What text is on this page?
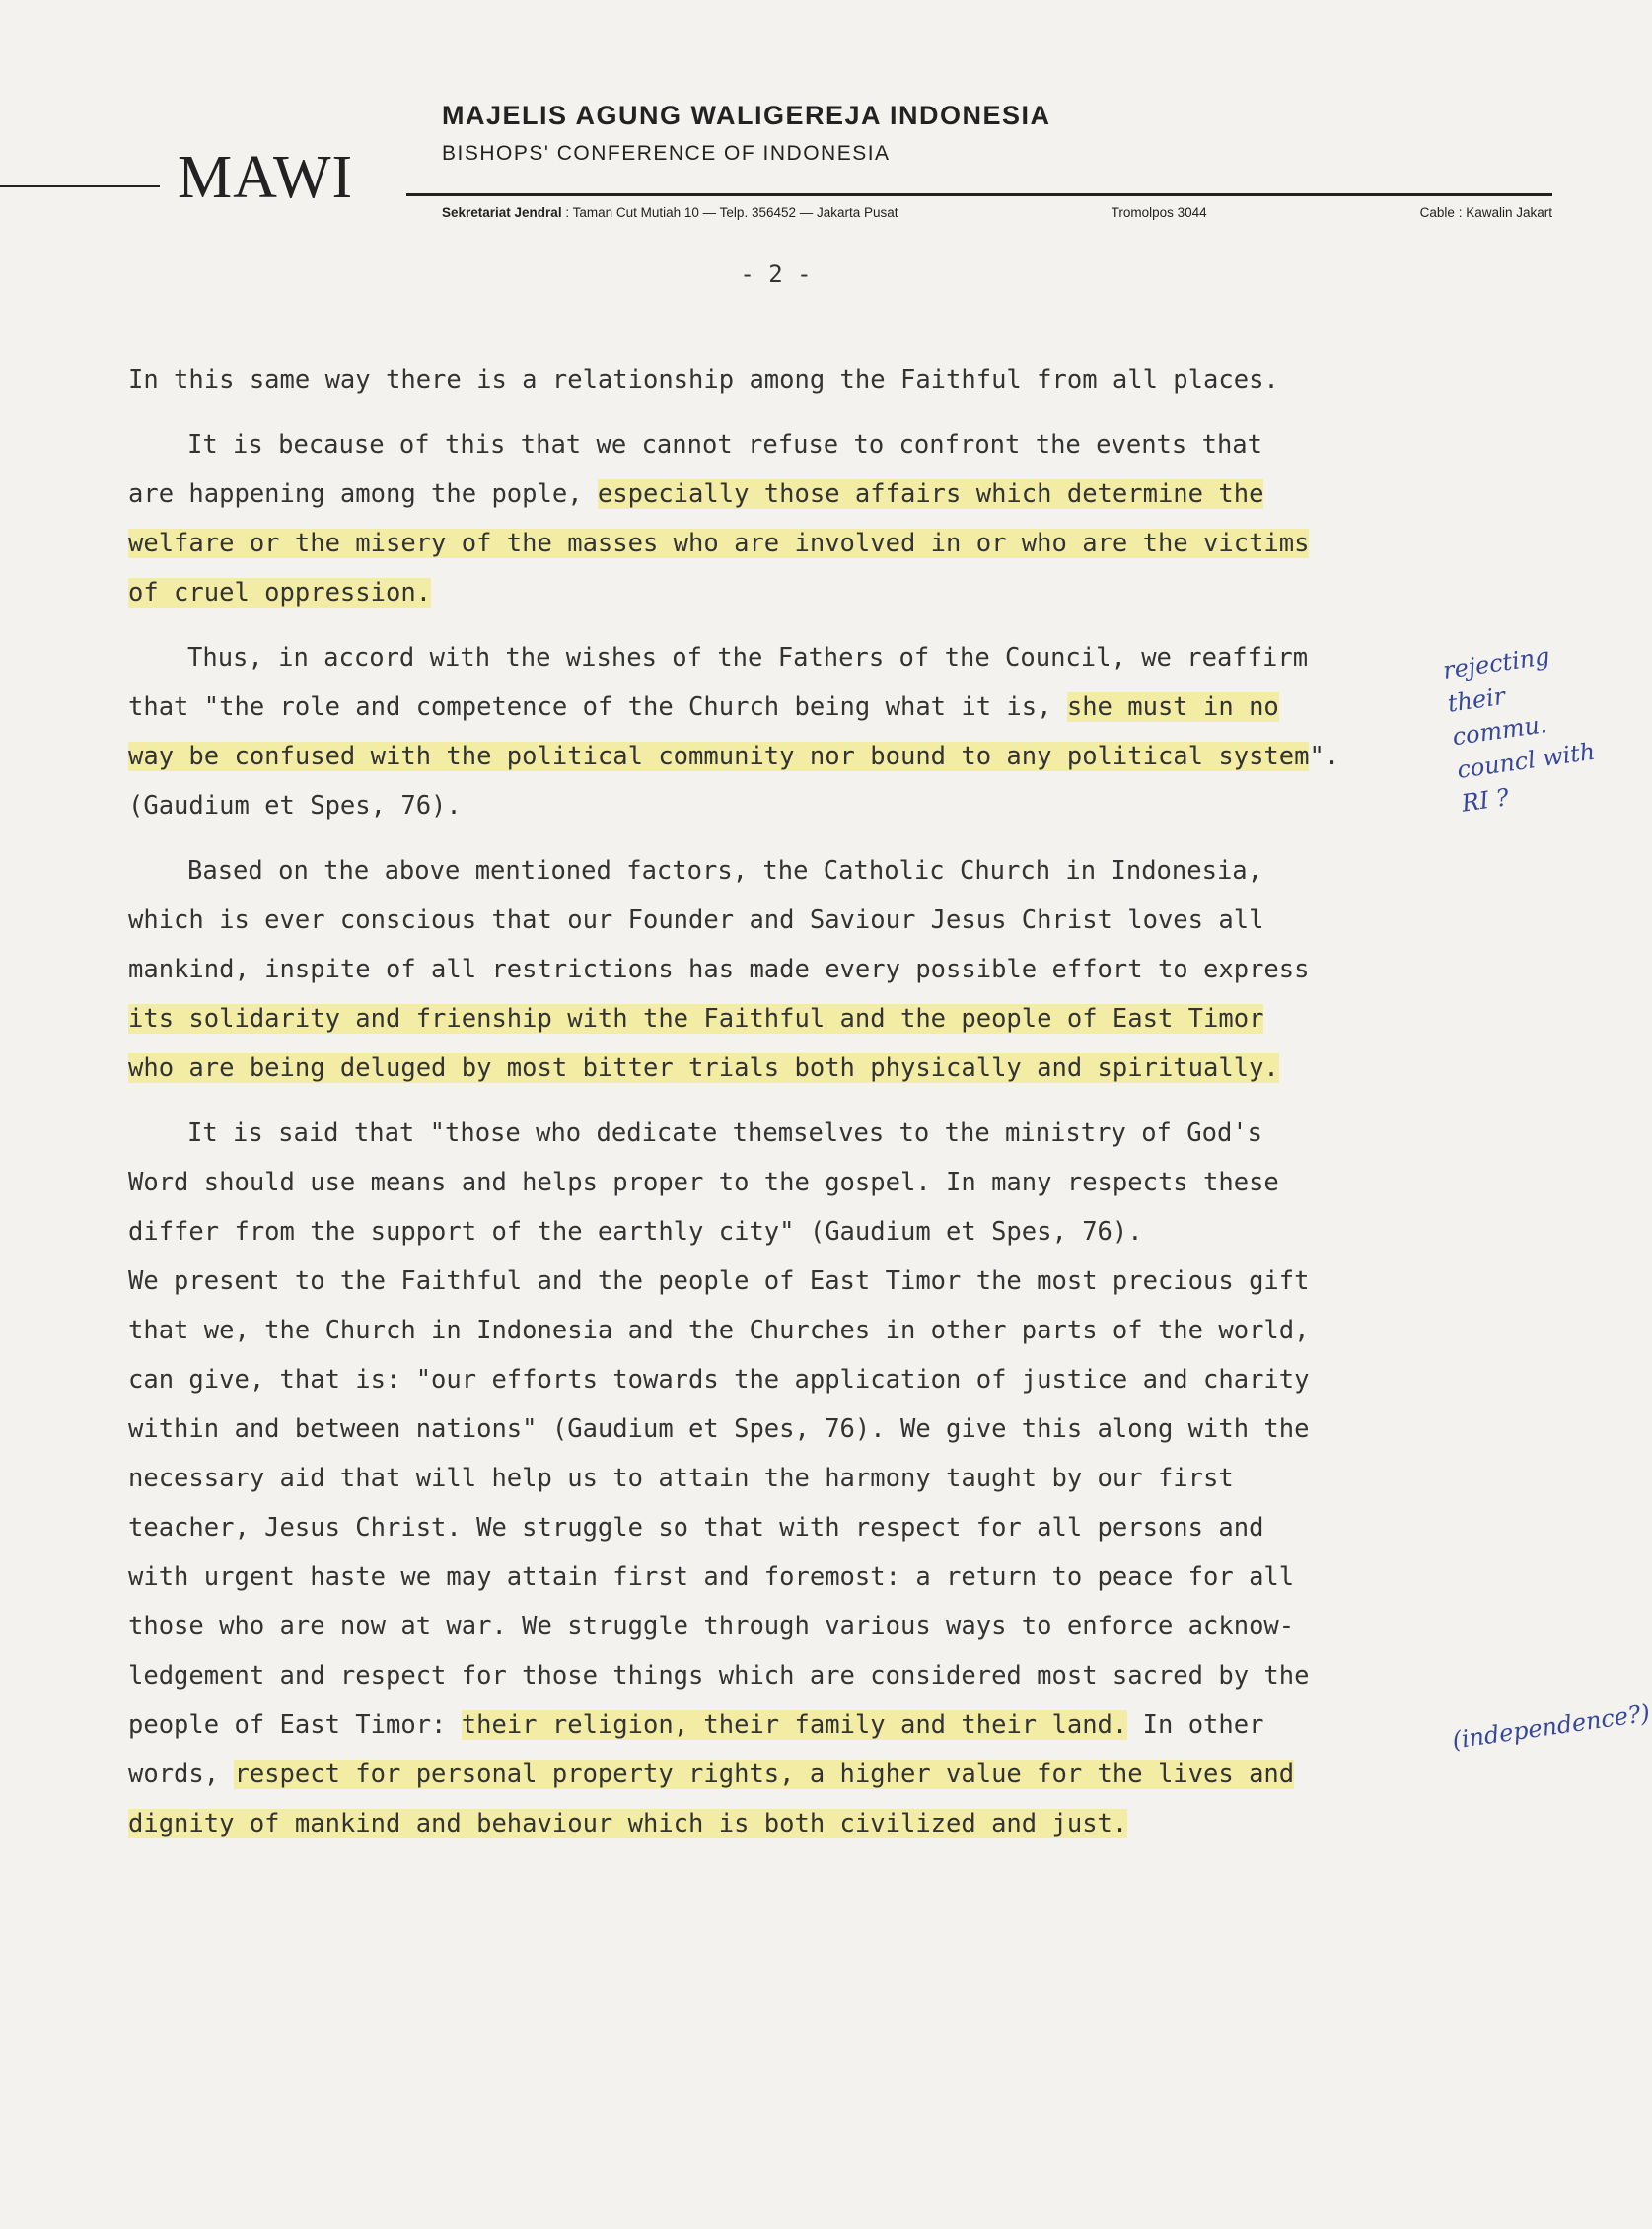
MAWI
MAJELIS AGUNG WALIGEREJA INDONESIA
BISHOPS' CONFERENCE OF INDONESIA
Sekretariat Jendral : Taman Cut Mutiah 10 — Telp. 356452 — Jakarta Pusat	Tromolpos 3044	Cable : Kawalin Jakart
- 2 -
In this same way there is a relationship among the Faithful from all places.
It is because of this that we cannot refuse to confront the events that
are happening among the pople, especially those affairs which determine the
welfare or the misery of the masses who are involved in or who are the victims
of cruel oppression.
Thus, in accord with the wishes of the Fathers of the Council, we reaffirm
that "the role and competence of the Church being what it is, she must in no
way be confused with the political community nor bound to any political system".
(Gaudium et Spes, 76).
Based on the above mentioned factors, the Catholic Church in Indonesia,
which is ever conscious that our Founder and Saviour Jesus Christ loves all
mankind, inspite of all restrictions has made every possible effort to express
its solidarity and frienship with the Faithful and the people of East Timor
who are being deluged by most bitter trials both physically and spiritually.
It is said that "those who dedicate themselves to the ministry of God's
Word should use means and helps proper to the gospel. In many respects these
differ from the support of the earthly city" (Gaudium et Spes, 76).
We present to the Faithful and the people of East Timor the most precious gift
that we, the Church in Indonesia and the Churches in other parts of the world,
can give, that is: "our efforts towards the application of justice and charity
within and between nations" (Gaudium et Spes, 76). We give this along with the
necessary aid that will help us to attain the harmony taught by our first
teacher, Jesus Christ. We struggle so that with respect for all persons and
with urgent haste we may attain first and foremost: a return to peace for all
those who are now at war. We struggle through various ways to enforce acknow-
ledgement and respect for those things which are considered most sacred by the
people of East Timor: their religion, their family and their land. In other
words, respect for personal property rights, a higher value for the lives and
dignity of mankind and behaviour which is both civilized and just.
rejecting their commu. councl with RI ?
(independence?)
